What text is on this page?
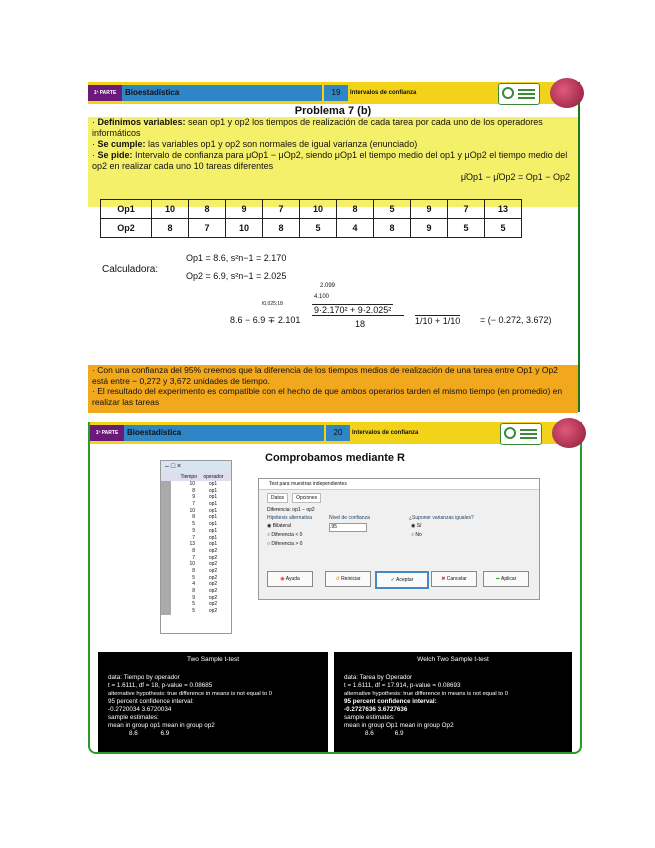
1ª PARTE	Bioestadística	19	Intervalos de confianza
Problema 7 (b)

· Definimos variables: sean op1 y op2 los tiempos de realización de cada tarea por cada uno de los operadores informáticos

· Se cumple: las variables op1 y op2 son normales de igual varianza (enunciado)

· Se pide: Intervalo de confianza para μOp1 − μOp2, siendo μOp1 el tiempo medio del op1 y μOp2 el tiempo medio del op2 en realizar cada uno 10 tareas diferentes

μ̂Op1 − μ̂Op2 = Op1 − Op2

Op1	10	8	9	7	10	8	5	9	7	13
Op2	8	7	10	8	5	4	8	9	5	5
Calculadora:
Op1 = 8.6, s²n−1 = 2.170
Op2 = 6.9, s²n−1 = 2.025
2.099
4.100
t0,025;18
8.6 − 6.9 ∓ 2.101
9·2.170² + 9·2.025²
18	1/10 + 1/10 = (− 0.272, 3.672)

· Con una confianza del 95% creemos que la diferencia de los tiempos medios de realización de una tarea entre Op1 y Op2 está entre − 0,272 y 3,672 unidades de tiempo.

· El resultado del experimento es compatible con el hecho de que ambos operarios tarden el mismo tiempo (en promedio) en realizar las tareas

1ª PARTE	Bioestadística	20	Intervalos de confianza
Comprobamos mediante R
– □ ×
Tiempo operador
10	op1
8	op1
9	op1
7	op1
10	op1
8	op1
5	op1
9	op1
7	op1
13	op1
8	op2
7	op2
10	op2
8	op2
5	op2
4	op2
8	op2
9	op2
5	op2
5	op2
Test para muestras independientes
Datos	Opciones
Diferencia: op1 − op2
Hipótesis alternativa
◉ Bilateral
○ Diferencia < 0
○ Diferencia > 0
Nivel de confianza
.95
¿Suponer varianzas iguales?
◉ Sí
○ No
◉ Ayuda	↺ Reiniciar	✔ Aceptar	✖ Cancelar	➦ Aplicar
Two Sample t-test
data: Tiempo by operador
t = 1.6111, df = 18, p-value = 0.08685
alternative hypothesis: true difference in means is not equal to 0
95 percent confidence interval:
-0.2720034 3.6720034
sample estimates:
mean in group op1 mean in group op2
8.6             6.9
Welch Two Sample t-test
data: Tarea by Operador
t = 1.6111, df = 17.914, p-value = 0.08693
alternative hypothesis: true difference in means is not equal to 0
95 percent confidence interval:
-0.2727636 3.6727636
sample estimates:
mean in group Op1 mean in group Op2
8.6            6.9
